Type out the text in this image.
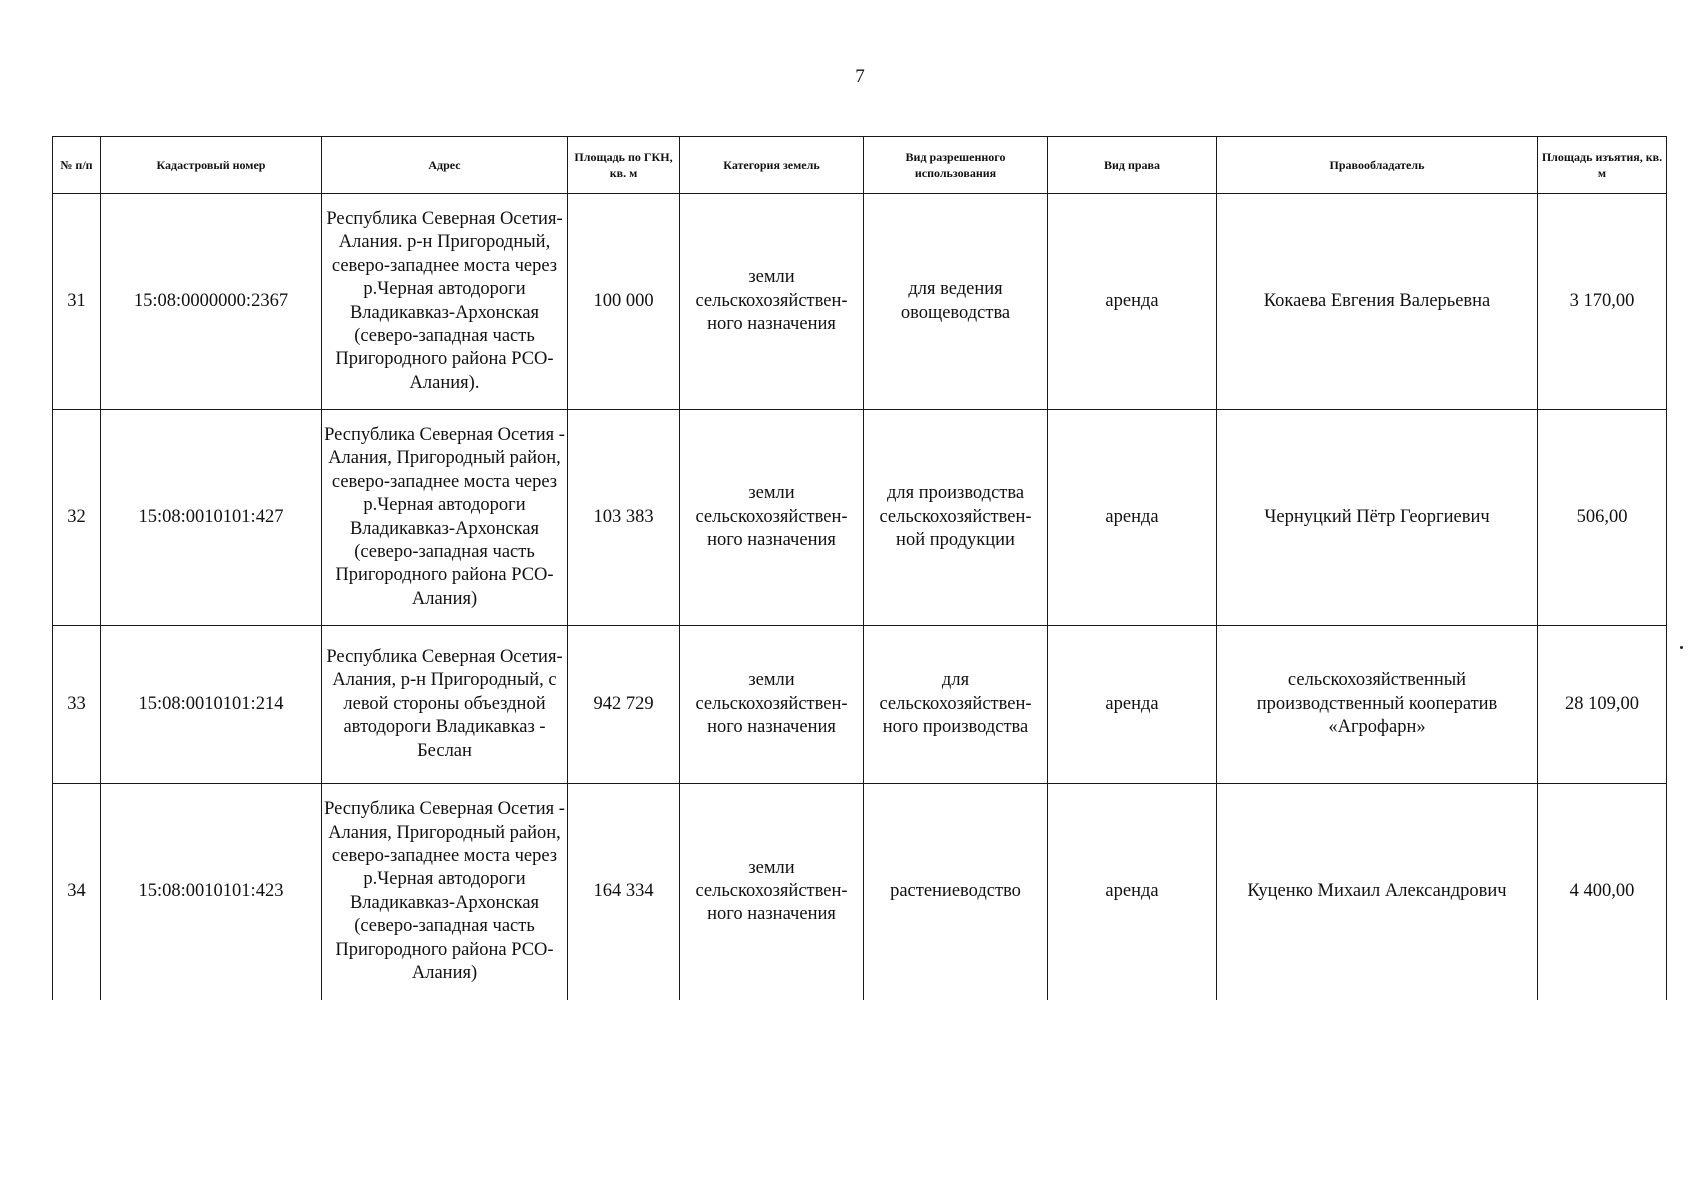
7
№ п/п	Кадастровый номер	Адрес	Площадь по ГКН, кв. м	Категория земель	Вид разрешенного использования	Вид права	Правообладатель	Площадь изъятия, кв. м
31	15:08:0000000:2367	Республика Северная Осетия-Алания. р-н Пригородный, северо-западнее моста через р.Черная автодороги Владикавказ-Архонская (северо-западная часть Пригородного района РСО-Алания).	100 000	земли сельскохозяйствен-ного назначения	для ведения овощеводства	аренда	Кокаева Евгения Валерьевна	3 170,00
32	15:08:0010101:427	Республика Северная Осетия - Алания, Пригородный район, северо-западнее моста через р.Черная автодороги Владикавказ-Архонская (северо-западная часть Пригородного района РСО-Алания)	103 383	земли сельскохозяйствен-ного назначения	для производства сельскохозяйствен-ной продукции	аренда	Чернуцкий Пётр Георгиевич	506,00
33	15:08:0010101:214	Республика Северная Осетия-Алания, р-н Пригородный, с левой стороны объездной автодороги Владикавказ - Беслан	942 729	земли сельскохозяйствен-ного назначения	для сельскохозяйствен-ного производства	аренда	сельскохозяйственный производственный кооператив «Агрофарн»	28 109,00
34	15:08:0010101:423	Республика Северная Осетия - Алания, Пригородный район, северо-западнее моста через р.Черная автодороги Владикавказ-Архонская (северо-западная часть Пригородного района РСО-Алания)	164 334	земли сельскохозяйствен-ного назначения	растениеводство	аренда	Куценко Михаил Александрович	4 400,00
